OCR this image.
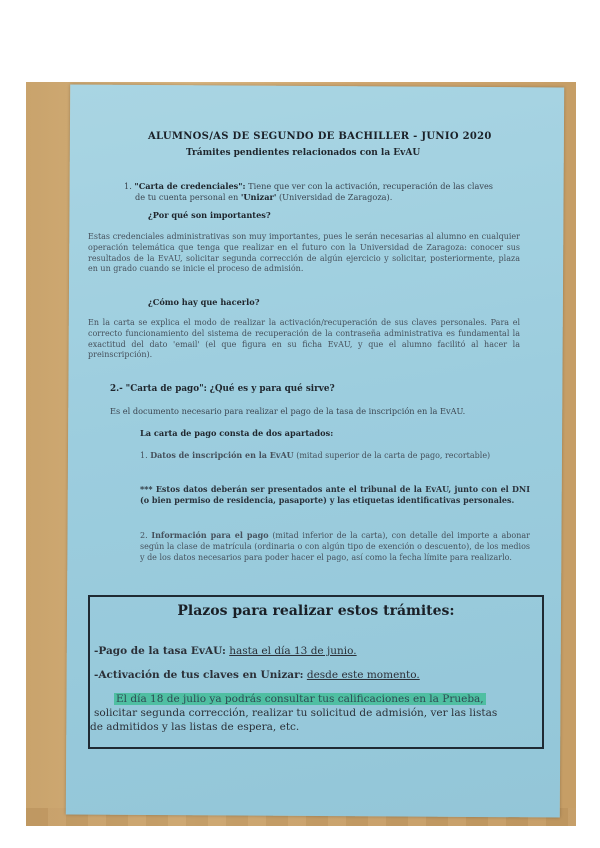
ALUMNOS/AS DE SEGUNDO DE BACHILLER - JUNIO 2020
Trámites pendientes relacionados con la EvAU
1. "Carta de credenciales": Tiene que ver con la activación, recuperación de las claves
de tu cuenta personal en 'Unizar' (Universidad de Zaragoza).
¿Por qué son importantes?
Estas credenciales administrativas son muy importantes, pues le serán necesarias al alumno en cualquier operación telemática que tenga que realizar en el futuro con la Universidad de Zaragoza: conocer sus resultados de la EvAU, solicitar segunda corrección de algún ejercicio y solicitar, posteriormente, plaza en un grado cuando se inicie el proceso de admisión.
¿Cómo hay que hacerlo?
En la carta se explica el modo de realizar la activación/recuperación de sus claves personales. Para el correcto funcionamiento del sistema de recuperación de la contraseña administrativa es fundamental la exactitud del dato 'email' (el que figura en su ficha EvAU, y que el alumno facilitó al hacer la preinscripción).
2.- "Carta de pago": ¿Qué es y para qué sirve?
Es el documento necesario para realizar el pago de la tasa de inscripción en la EvAU.
La carta de pago consta de dos apartados:
1. Datos de inscripción en la EvAU (mitad superior de la carta de pago, recortable)
*** Estos datos deberán ser presentados ante el tribunal de la EvAU, junto con el DNI (o bien permiso de residencia, pasaporte) y las etiquetas identificativas personales.
2. Información para el pago (mitad inferior de la carta), con detalle del importe a abonar según la clase de matrícula (ordinaria o con algún tipo de exención o descuento), de los medios y de los datos necesarios para poder hacer el pago, así como la fecha límite para realizarlo.
Plazos para realizar estos trámites:
-Pago de la tasa EvAU: hasta el día 13 de junio.
-Activación de tus claves en Unizar: desde este momento.
El día 18 de julio ya podrás consultar tus calificaciones en la Prueba,
solicitar segunda corrección, realizar tu solicitud de admisión, ver las listas
de admitidos y las listas de espera, etc.
